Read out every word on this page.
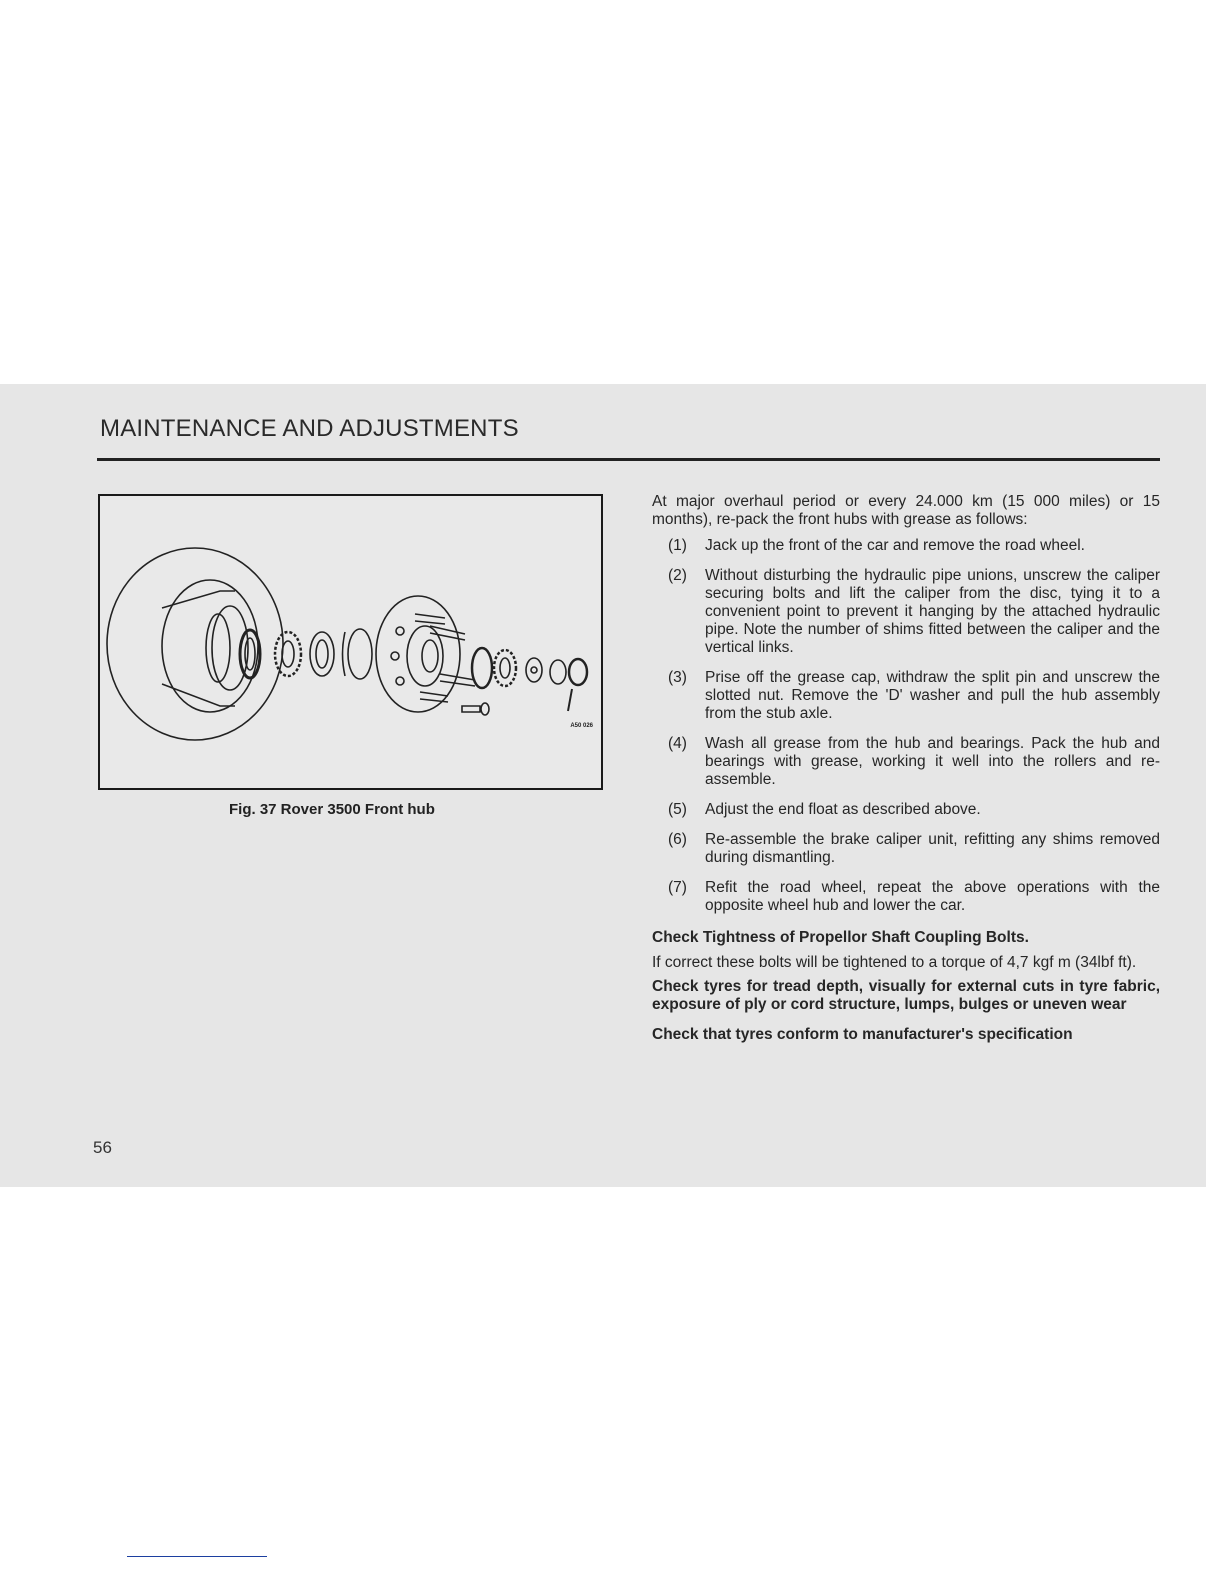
MAINTENANCE AND ADJUSTMENTS
A50 026
Fig. 37 Rover 3500 Front hub
56

At major overhaul period or every 24.000 km (15 000 miles) or 15 months), re-pack the front hubs with grease as follows:

(1) Jack up the front of the car and remove the road wheel.
(2) Without disturbing the hydraulic pipe unions, unscrew the caliper securing bolts and lift the caliper from the disc, tying it to a convenient point to prevent it hanging by the attached hydraulic pipe. Note the number of shims fitted between the caliper and the vertical links.
(3) Prise off the grease cap, withdraw the split pin and unscrew the slotted nut. Remove the 'D' washer and pull the hub assembly from the stub axle.
(4) Wash all grease from the hub and bearings. Pack the hub and bearings with grease, working it well into the rollers and re-assemble.
(5) Adjust the end float as described above.
(6) Re-assemble the brake caliper unit, refitting any shims removed during dismantling.
(7) Refit the road wheel, repeat the above operations with the opposite wheel hub and lower the car.
Check Tightness of Propellor Shaft Coupling Bolts.

If correct these bolts will be tightened to a torque of 4,7 kgf m (34lbf ft).

Check tyres for tread depth, visually for external cuts in tyre fabric, exposure of ply or cord structure, lumps, bulges or uneven wear

Check that tyres conform to manufacturer's specification
